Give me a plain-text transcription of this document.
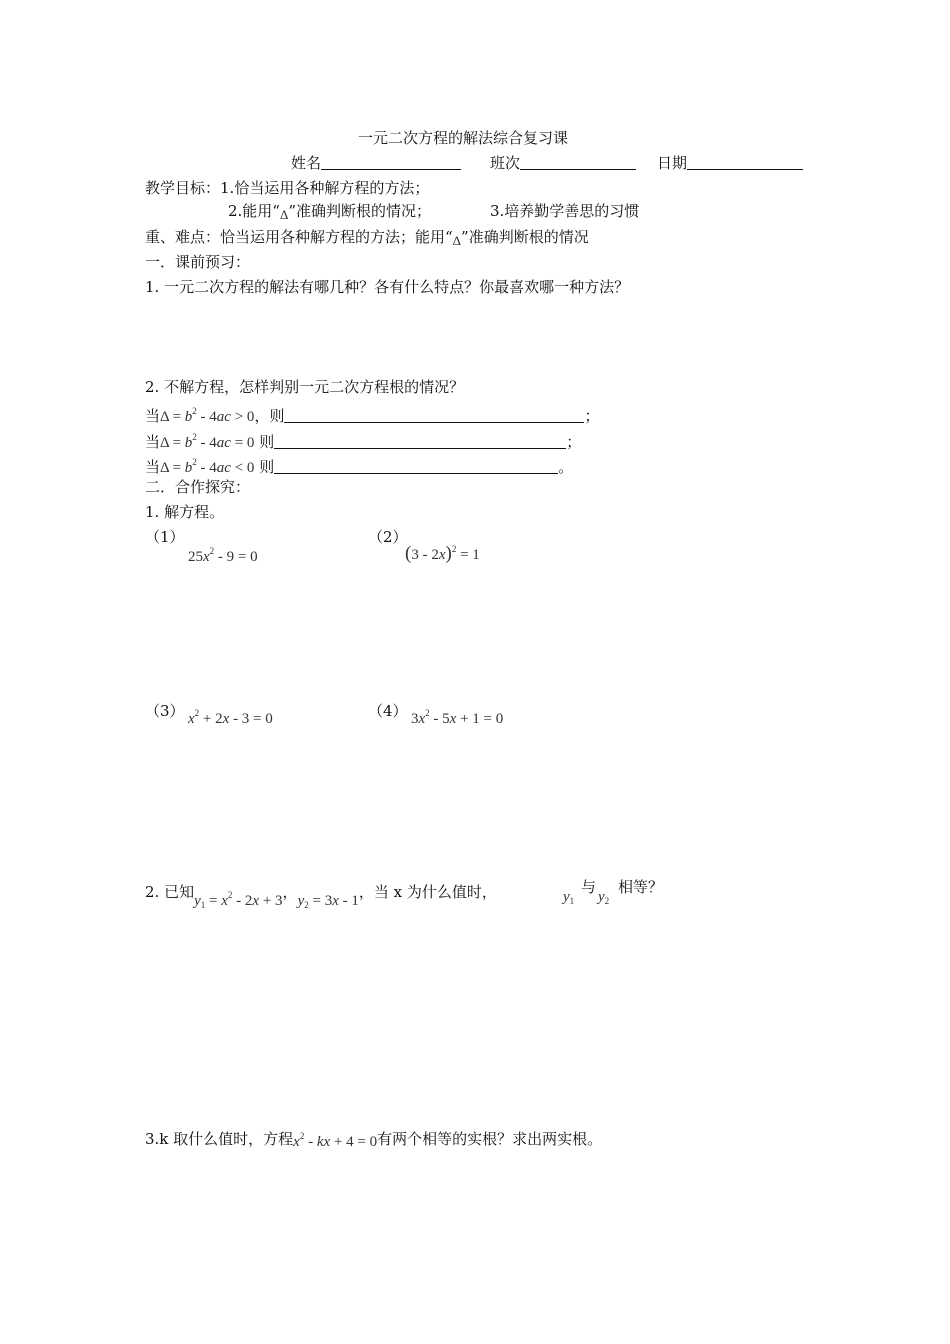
一元二次方程的解法综合复习课
姓名	班次	日期
教学目标：1.恰当运用各种解方程的方法；
2.能用“Δ”准确判断根的情况；	3.培养勤学善思的习惯
重、难点：恰当运用各种解方程的方法；能用“Δ”准确判断根的情况
一．课前预习：
1. 一元二次方程的解法有哪几种？各有什么特点？你最喜欢哪一种方法？
2. 不解方程，怎样判别一元二次方程根的情况？
当$\Delta = b^2 - 4ac > 0$，则	；
当$\Delta = b^2 - 4ac = 0$ 则	；
当$\Delta = b^2 - 4ac < 0$ 则	。
二．合作探究：
1. 解方程。
（1）
$25x^2 - 9 = 0$
（2）
(3 - 2x)$^2$ = 1
（3） $x^2 + 2x - 3 = 0$	（4） $3x^2 - 5x + 1 = 0$
2. 已知$y_1 = x^2 - 2x + 3$，$y_2 = 3x - 1$，当 x 为什么值时，	$y_1$
与
$y_2$
相等？
3.k 取什么值时，方程$x^2$ - kx + 4 = 0有两个相等的实根？求出两实根。
